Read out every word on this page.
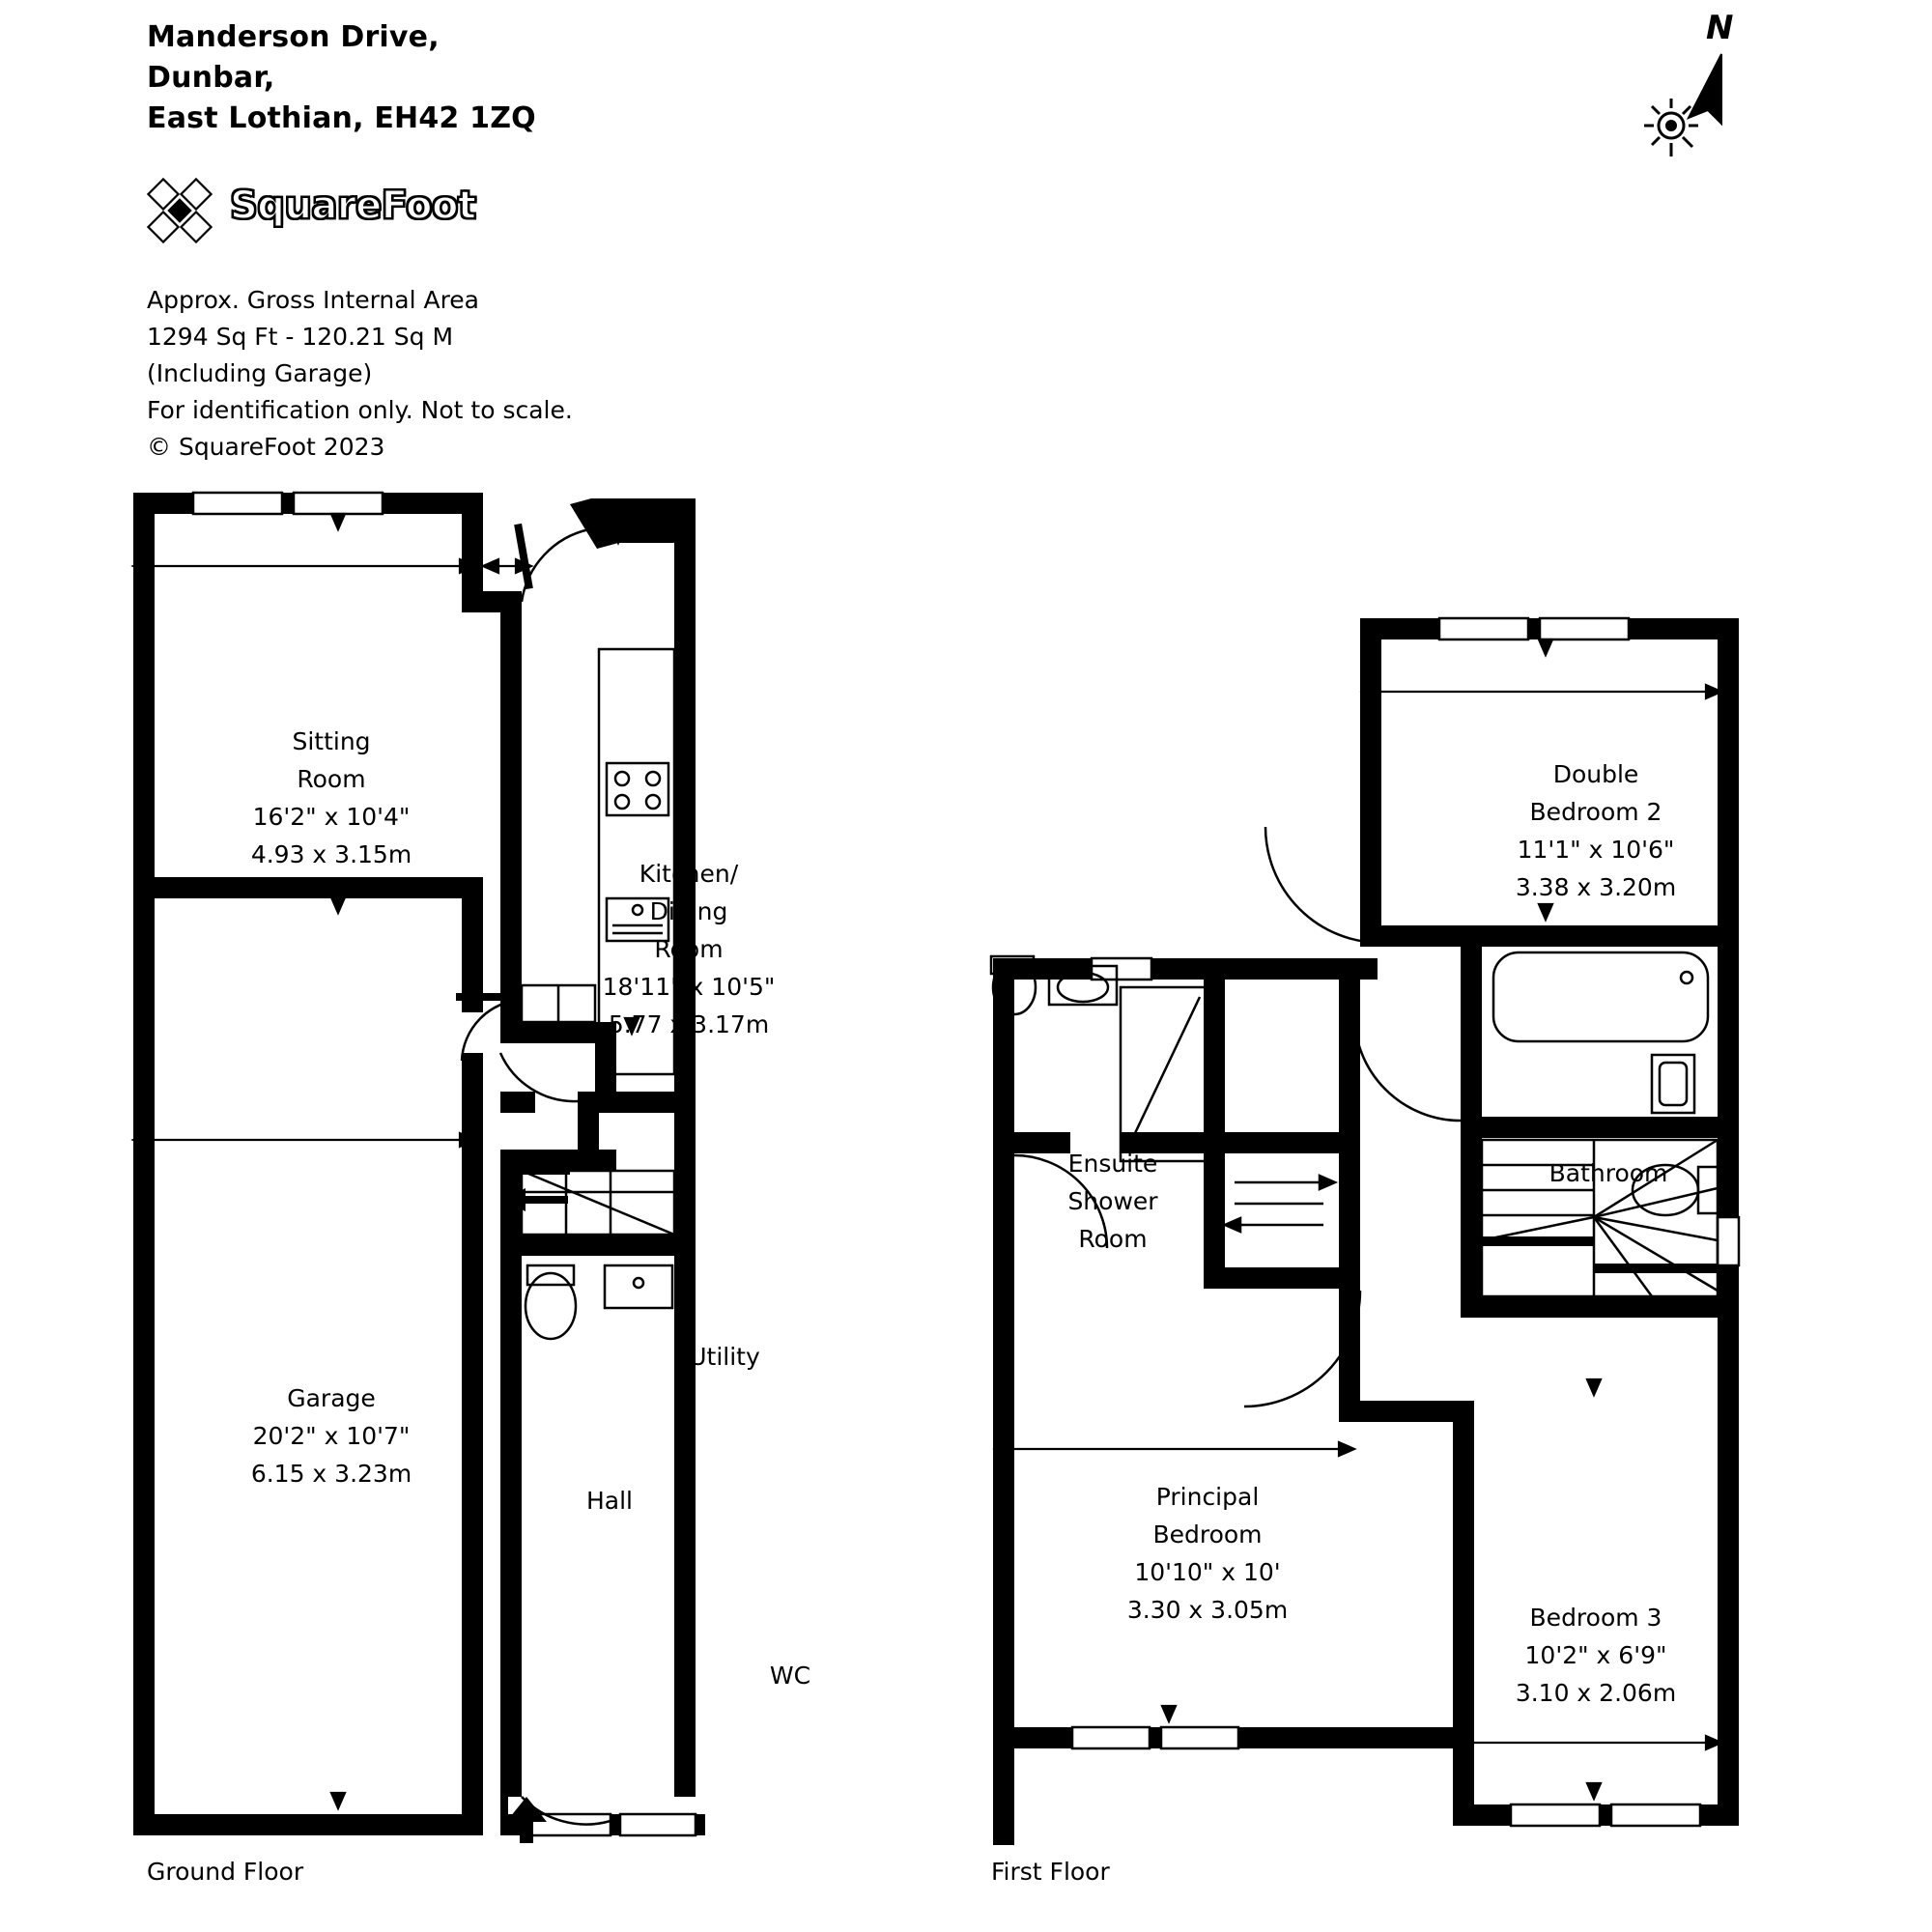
Manderson Drive,
Dunbar,
East Lothian, EH42 1ZQ
SquareFoot
Approx. Gross Internal Area
1294 Sq Ft - 120.21 Sq M
(Including Garage)
For identification only. Not to scale.
© SquareFoot 2023
N
Sitting
Room
16'2" x 10'4"
4.93 x 3.15m
Kitchen/
Dining
Room
18'11" x 10'5"
5.77 x 3.17m
Garage
20'2" x 10'7"
6.15 x 3.23m
Utility
Hall
WC
Ground Floor
Double
Bedroom 2
11'1" x 10'6"
3.38 x 3.20m
Ensuite
Shower
Room
Bathroom
Principal
Bedroom
10'10" x 10'
3.30 x 3.05m	Bedroom 3
10'2" x 6'9"
3.10 x 2.06m
First Floor
